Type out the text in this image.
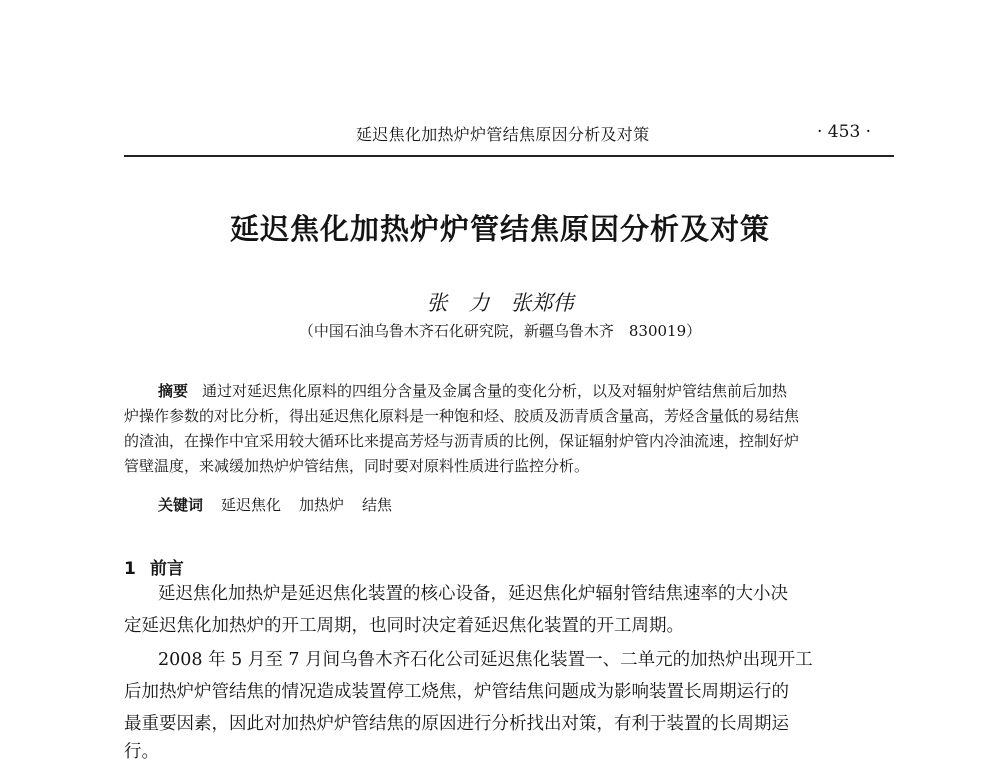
延迟焦化加热炉炉管结焦原因分析及对策	· 453 ·
延迟焦化加热炉炉管结焦原因分析及对策
张　力　张郑伟
（中国石油乌鲁木齐石化研究院，新疆乌鲁木齐　830019）
摘要 通过对延迟焦化原料的四组分含量及金属含量的变化分析，以及对辐射炉管结焦前后加热
炉操作参数的对比分析，得出延迟焦化原料是一种饱和烃、胶质及沥青质含量高，芳烃含量低的易结焦
的渣油，在操作中宜采用较大循环比来提高芳烃与沥青质的比例，保证辐射炉管内冷油流速，控制好炉
管壁温度，来减缓加热炉炉管结焦，同时要对原料性质进行监控分析。
关键词 延迟焦化 加热炉 结焦
1 前言
延迟焦化加热炉是延迟焦化装置的核心设备，延迟焦化炉辐射管结焦速率的大小决
定延迟焦化加热炉的开工周期，也同时决定着延迟焦化装置的开工周期。
2008 年 5 月至 7 月间乌鲁木齐石化公司延迟焦化装置一、二单元的加热炉出现开工
后加热炉炉管结焦的情况造成装置停工烧焦，炉管结焦问题成为影响装置长周期运行的
最重要因素，因此对加热炉炉管结焦的原因进行分析找出对策，有利于装置的长周期运
行。
